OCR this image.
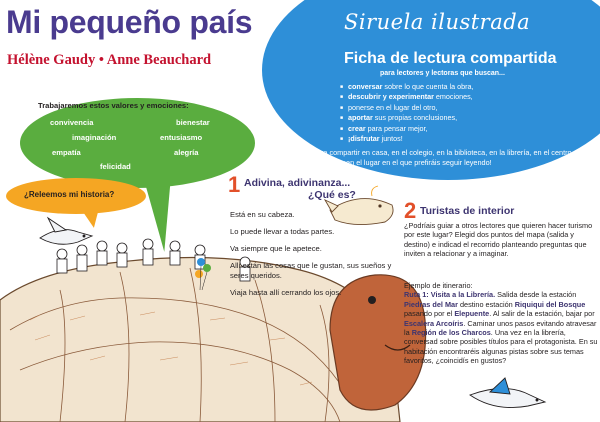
Mi pequeño país
Hélène Gaudy • Anne Beauchard
Siruela ilustrada
Ficha de lectura compartida
para lectores y lectoras que buscan...
■ conversar sobre lo que cuenta la obra,
■ descubrir y experimentar emociones,
■ ponerse en el lugar del otro,
■ aportar sus propias conclusiones,
■ crear para pensar mejor,
■ ¡disfrutar juntos!
Para compartir en casa, en el colegio, en la biblioteca, en la librería, en el centro cultural... ¡en el lugar en el que prefiráis seguir leyendo!
Trabajaremos estos valores y emociones:
convivencia	bienestar
imaginación	entusiasmo
empatía	alegría
felicidad
¿Releemos mi historia?	1 Adivina, adivinanza...
¿Qué es?

Está en su cabeza.

Lo puede llevar a todas partes.

Va siempre que le apetece.

Allí están las cosas que le gustan, sus sueños y seres queridos.

Viaja hasta allí cerrando los ojos.

2 Turistas de interior
¿Podríais guiar a otros lectores que quieren hacer turismo por este lugar? Elegid dos puntos del mapa (salida y destino) e indicad el recorrido planteando preguntas que inviten a relacionar y a imaginar.
Ejemplo de itinerario:
Ruta 1: Visita a la Librería. Salida desde la estación Piedras del Mar destino estación Riquiqui del Bosque pasando por el Elepuente. Al salir de la estación, bajar por Escalera Arcoíris. Caminar unos pasos evitando atravesar la Región de los Charcos. Una vez en la librería, conversad sobre posibles títulos para el protagonista. En su habitación encontraréis algunas pistas sobre sus temas favoritos, ¿coincidís en gustos?
